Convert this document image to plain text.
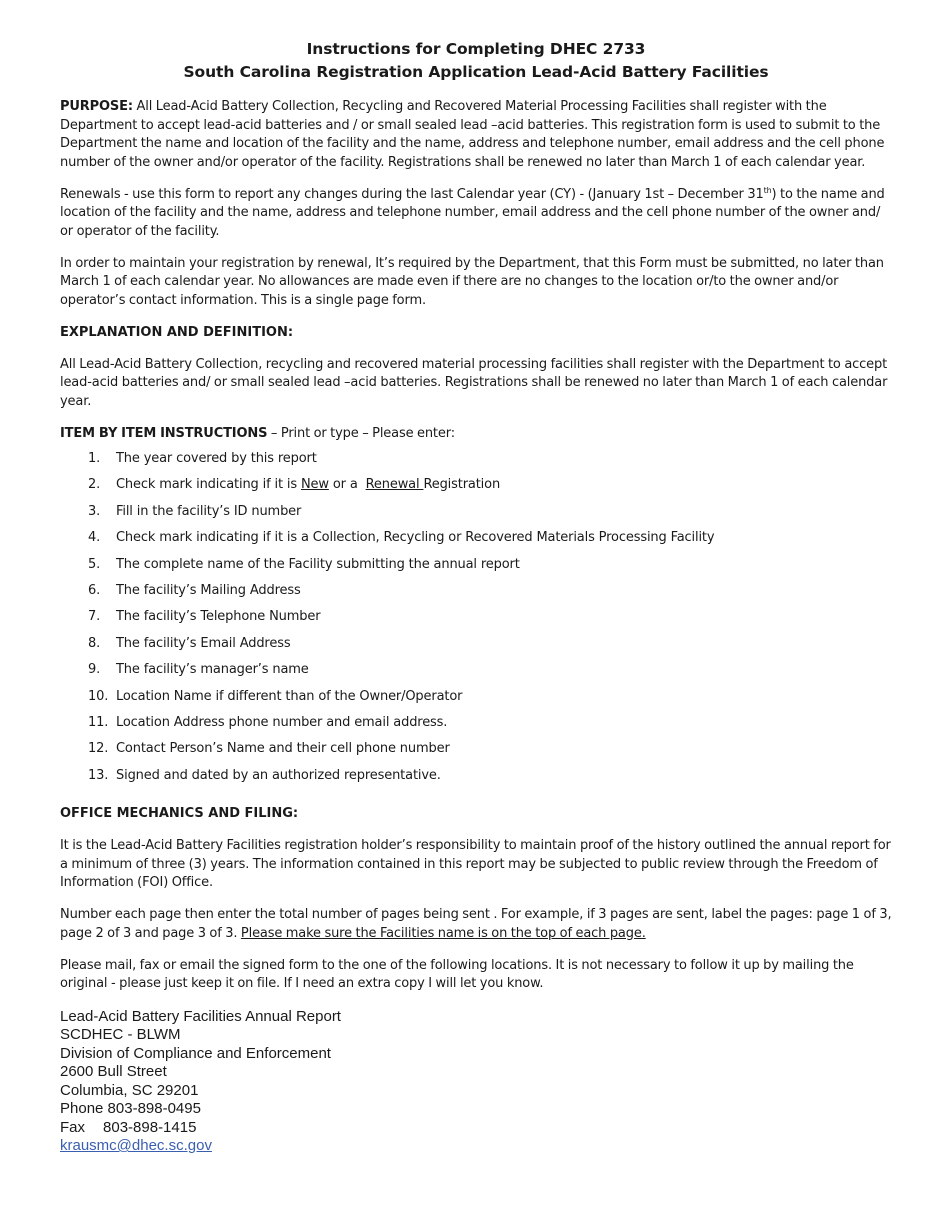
Instructions for Completing DHEC 2733
South Carolina Registration Application Lead-Acid Battery Facilities

PURPOSE: All Lead-Acid Battery Collection, Recycling and Recovered Material Processing Facilities shall register with the Department to accept lead-acid batteries and / or small sealed lead –acid batteries. This registration form is used to submit to the Department the name and location of the facility and the name, address and telephone number, email address and the cell phone number of the owner and/or operator of the facility. Registrations shall be renewed no later than March 1 of each calendar year.

Renewals - use this form to report any changes during the last Calendar year (CY) - (January 1st – December 31th) to the name and location of the facility and the name, address and telephone number, email address and the cell phone number of the owner and/ or operator of the facility.

In order to maintain your registration by renewal, It’s required by the Department, that this Form must be submitted, no later than March 1 of each calendar year. No allowances are made even if there are no changes to the location or/to the owner and/or operator’s contact information. This is a single page form.

EXPLANATION AND DEFINITION:

All Lead-Acid Battery Collection, recycling and recovered material processing facilities shall register with the Department to accept lead-acid batteries and/ or small sealed lead –acid batteries. Registrations shall be renewed no later than March 1 of each calendar year.

ITEM BY ITEM INSTRUCTIONS – Print or type – Please enter:

1.	The year covered by this report
2.	Check mark indicating if it is New or a  Renewal Registration
3.	Fill in the facility’s ID number
4.	Check mark indicating if it is a Collection, Recycling or Recovered Materials Processing Facility
5.	The complete name of the Facility submitting the annual report
6.	The facility’s Mailing Address
7.	The facility’s Telephone Number
8.	The facility’s Email Address
9.	The facility’s manager’s name
10. Location Name if different than of the Owner/Operator
11. Location Address phone number and email address.
12. Contact Person’s Name and their cell phone number
13. Signed and dated by an authorized representative.
OFFICE MECHANICS AND FILING:

It is the Lead-Acid Battery Facilities registration holder’s responsibility to maintain proof of the history outlined the annual report for a minimum of three (3) years. The information contained in this report may be subjected to public review through the Freedom of Information (FOI) Office.

Number each page then enter the total number of pages being sent . For example, if 3 pages are sent, label the pages: page 1 of 3, page 2 of 3 and page 3 of 3. Please make sure the Facilities name is on the top of each page.

Please mail, fax or email the signed form to the one of the following locations. It is not necessary to follow it up by mailing the original - please just keep it on file. If I need an extra copy I will let you know.

Lead-Acid Battery Facilities Annual Report
SCDHEC - BLWM
Division of Compliance and Enforcement
2600 Bull Street
Columbia, SC 29201
Phone 803-898-0495
Fax 803-898-1415
krausmc@dhec.sc.gov
